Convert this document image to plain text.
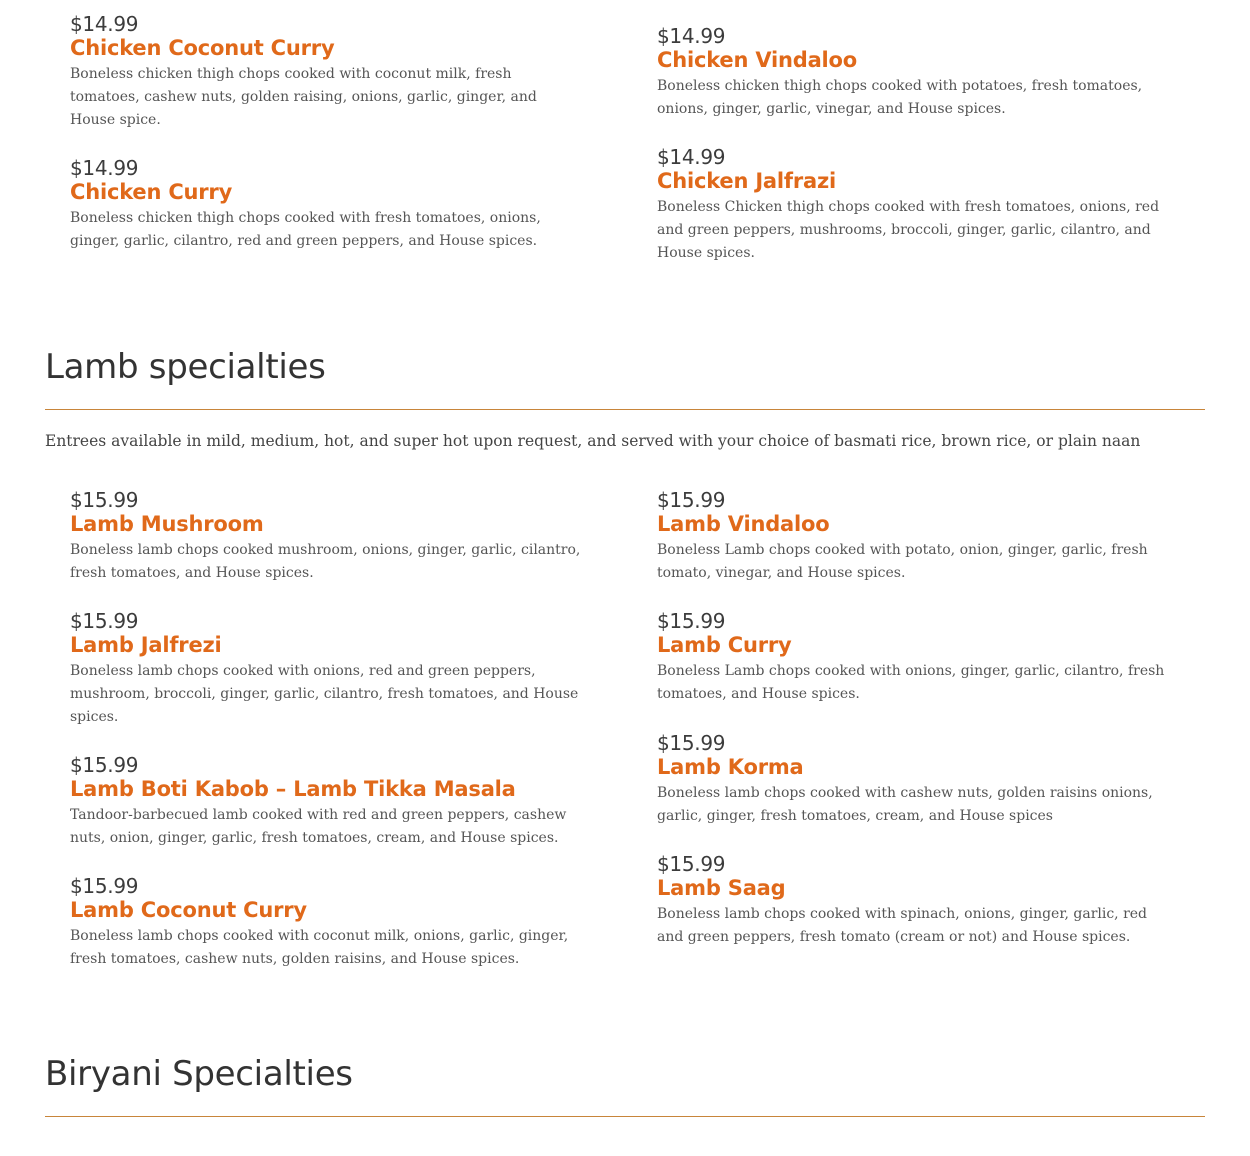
$14.99
Chicken Coconut Curry
Boneless chicken thigh chops cooked with coconut milk, fresh tomatoes, cashew nuts, golden raising, onions, garlic, ginger, and House spice.
$14.99
Chicken Curry
Boneless chicken thigh chops cooked with fresh tomatoes, onions, ginger, garlic, cilantro, red and green peppers, and House spices.
$14.99
Chicken Vindaloo
Boneless chicken thigh chops cooked with potatoes, fresh tomatoes, onions, ginger, garlic, vinegar, and House spices.
$14.99
Chicken Jalfrazi
Boneless Chicken thigh chops cooked with fresh tomatoes, onions, red and green peppers, mushrooms, broccoli, ginger, garlic, cilantro, and House spices.
Lamb specialties
Entrees available in mild, medium, hot, and super hot upon request, and served with your choice of basmati rice, brown rice, or plain naan
$15.99
Lamb Mushroom
Boneless lamb chops cooked mushroom, onions, ginger, garlic, cilantro, fresh tomatoes, and House spices.
$15.99
Lamb Jalfrezi
Boneless lamb chops cooked with onions, red and green peppers, mushroom, broccoli, ginger, garlic, cilantro, fresh tomatoes, and House spices.
$15.99
Lamb Boti Kabob – Lamb Tikka Masala
Tandoor-barbecued lamb cooked with red and green peppers, cashew nuts, onion, ginger, garlic, fresh tomatoes, cream, and House spices.
$15.99
Lamb Coconut Curry
Boneless lamb chops cooked with coconut milk, onions, garlic, ginger, fresh tomatoes, cashew nuts, golden raisins, and House spices.
$15.99
Lamb Vindaloo
Boneless Lamb chops cooked with potato, onion, ginger, garlic, fresh tomato, vinegar, and House spices.
$15.99
Lamb Curry
Boneless Lamb chops cooked with onions, ginger, garlic, cilantro, fresh tomatoes, and House spices.
$15.99
Lamb Korma
Boneless lamb chops cooked with cashew nuts, golden raisins onions, garlic, ginger, fresh tomatoes, cream, and House spices
$15.99
Lamb Saag
Boneless lamb chops cooked with spinach, onions, ginger, garlic, red and green peppers, fresh tomato (cream or not) and House spices.
Biryani Specialties
